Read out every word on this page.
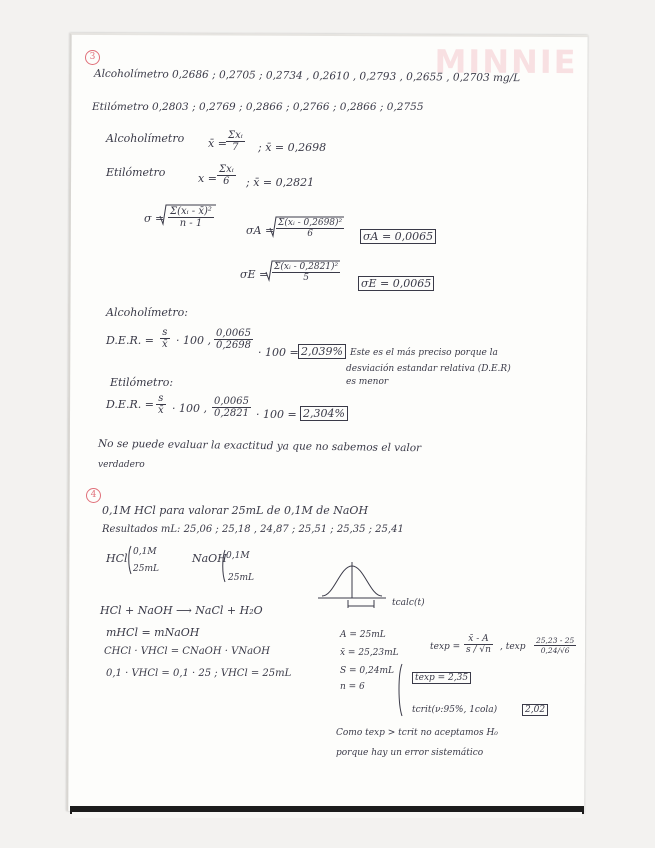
MINNIE
3
Alcoholímetro 0,2686 ; 0,2705 ; 0,2734 , 0,2610 , 0,2793 , 0,2655 , 0,2703 mg/L
Etilómetro 0,2803 ; 0,2769 ; 0,2866 ; 0,2766 ; 0,2866 ; 0,2755
Alcoholímetro x̄ =
Σxᵢ
7	; x̄ = 0,2698
Etilómetro	x =
Σxᵢ
6	; x̄ = 0,2821
$\sigma = \frac{\text{Σ(xᵢ - x̄)²}}{n - 1}$
$\sigma A = \frac{\text{Σ(xᵢ - 0,2698)²}}{6}$ σA = 0,0065
$\sigma E = \frac{\text{Σ(xᵢ - 0,2821)²}}{5}$
σE = 0,0065
Alcoholímetro:
D.E.R. = $\frac{s}{x̄} \cdot 100$ , $\frac{0,0065}{0,2698}$
· 100 = 2,039% Este es el más preciso porque la
desviación estandar relativa (D.E.R)
es menor
Etilómetro:
D.E.R. = $\frac{s}{x̄} \cdot 100$ , $\frac{0,0065}{0,2821} \cdot 100 = 2,304\%$
No se puede evaluar la exactitud ya que no sabemos el valor
verdadero
4
0,1M HCl para valorar 25mL de 0,1M de NaOH
Resultados mL: 25,06 ; 25,18 , 24,87 ; 25,51 ; 25,35 ; 25,41
HCl 0,1M
25mL
NaOH 0,1M
25mL
tcalc(t)
HCl + NaOH ⟶ NaCl + H₂O
mHCl = mNaOH
CHCl · VHCl = CNaOH · VNaOH
0,1 · VHCl = 0,1 · 25 ; VHCl = 25mL
A = 25mL
x̄ = 25,23mL
S = 0,24mL
n = 6
$texp = \frac{x̄ - A}{s / √n}$ , texp $\frac{25,23 - 25}{0,24/√6}$
texp = 2,35
tcrit(ν:95%, 1cola)	2,02
Como texp > tcrit no aceptamos H₀
porque hay un error sistemático
